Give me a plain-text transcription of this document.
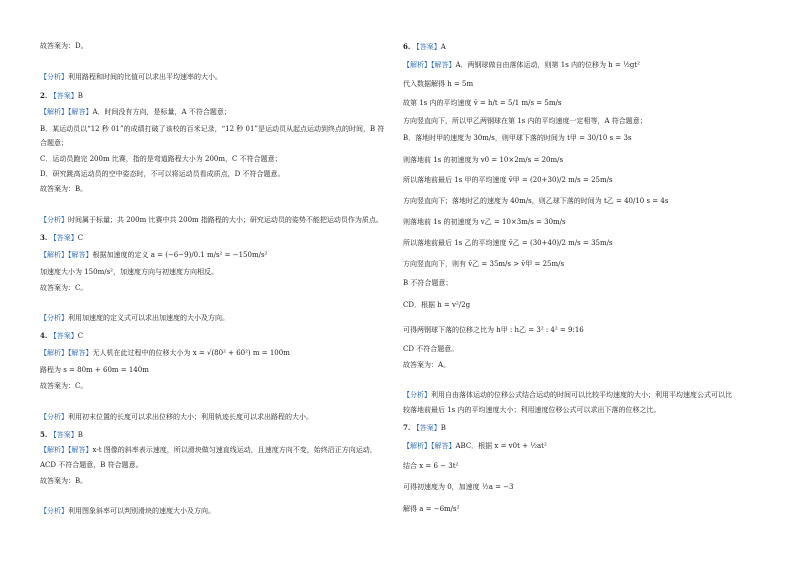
故答案为：D。
【分析】利用路程和时间的比值可以求出平均速率的大小。
2. 【答案】B
【解析】【解答】A．时间没有方向，是标量，A 不符合题意；
B．某运动员以“12 秒 01”的成绩打破了该校的百米记录，“12 秒 01”是运动员从起点运动到终点的时间，B 符
合题意；
C．运动员跑完 200m 比赛，指的是弯道路程大小为 200m，C 不符合题意；
D．研究跳高运动员的空中姿态时，不可以将运动员看成质点，D 不符合题意。
故答案为：B。
【分析】时间属于标量；共 200m 比赛中共 200m 指路程的大小；研究运动员的姿势不能把运动员作为质点。
3. 【答案】C
【解析】【解答】根据加速度的定义 a = (−6−9)/0.1 m/s² = −150m/s²
加速度大小为 150m/s²，加速度方向与初速度方向相反。
故答案为：C。
【分析】利用加速度的定义式可以求出加速度的大小及方向。
4. 【答案】C
【解析】【解答】无人机在此过程中的位移大小为 x = √(80² + 60²) m = 100m
路程为 s = 80m + 60m = 140m
故答案为：C。
【分析】利用初末位置的长度可以求出位移的大小；利用轨迹长度可以求出路程的大小。
5. 【答案】B
【解析】【解答】x-t 图像的斜率表示速度，所以滑块做匀速直线运动，且速度方向不变，始终沿正方向运动，
ACD 不符合题意，B 符合题意。
故答案为：B。
【分析】利用图象斜率可以判别滑块的速度大小及方向。
6. 【答案】A
【解析】【解答】A．两钢球做自由落体运动，则第 1s 内的位移为 h = ½gt²
代入数据解得 h = 5m
故第 1s 内的平均速度 v̄ = h/t = 5/1 m/s = 5m/s
方向竖直向下，所以甲乙两钢球在第 1s 内的平均速度一定相等，A 符合题意；
B．落地时甲的速度为 30m/s，则甲球下落的时间为 t甲 = 30/10 s = 3s
则落地前 1s 的初速度为 v0 = 10×2m/s = 20m/s
所以落地前最后 1s 甲的平均速度 v̄甲 = (20+30)/2 m/s = 25m/s
方向竖直向下；落地时乙的速度为 40m/s，则乙球下落的时间为 t乙 = 40/10 s = 4s
则落地前 1s 的初速度为 v乙 = 10×3m/s = 30m/s
所以落地前最后 1s 乙的平均速度 v̄乙 = (30+40)/2 m/s = 35m/s
方向竖直向下，则有 v̄乙 = 35m/s > v̄甲 = 25m/s
B 不符合题意；
CD．根据 h = v²/2g
可得两钢球下落的位移之比为 h甲 : h乙 = 3² : 4² = 9:16
CD 不符合题意。
故答案为：A。
【分析】利用自由落体运动的位移公式结合运动的时间可以比较平均速度的大小；利用平均速度公式可以比
较落地前最后 1s 内的平均速度大小；利用速度位移公式可以求出下落的位移之比。
7. 【答案】B
【解析】【解答】ABC．根据 x = v0t + ½at²
结合 x = 6 − 3t²
可得初速度为 0，加速度 ½a = −3
解得 a = −6m/s²
